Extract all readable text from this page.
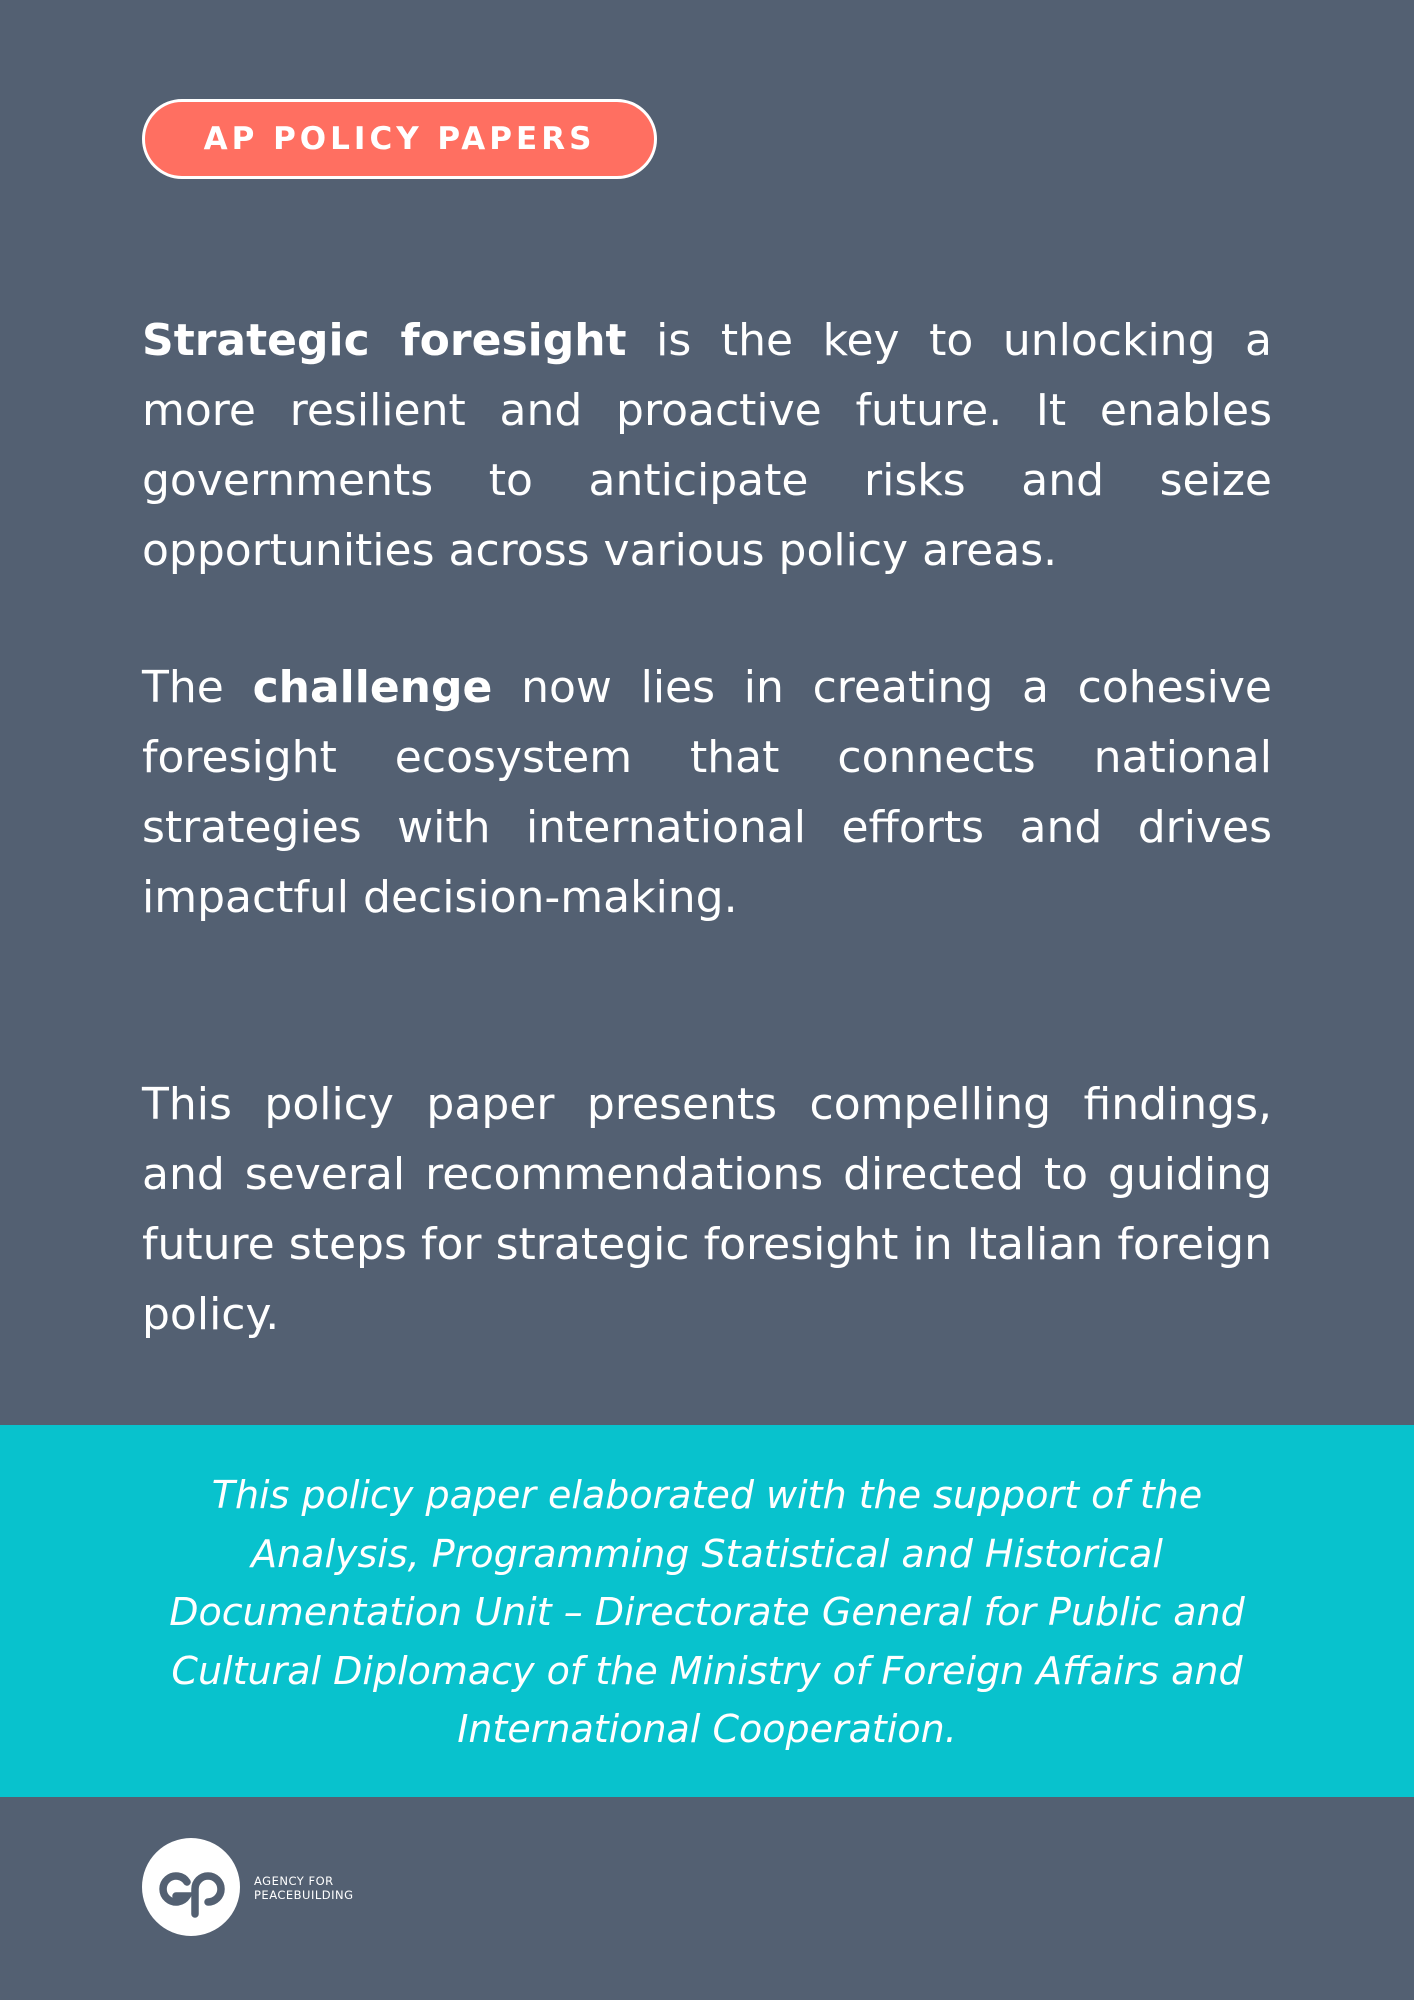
AP POLICY PAPERS

Strategic foresight is the key to unlocking a more resilient and proactive future. It enables governments to anticipate risks and seize opportunities across various policy areas.

The challenge now lies in creating a cohesive foresight ecosystem that connects national strategies with international efforts and drives impactful decision-making.

This policy paper presents compelling findings, and several recommendations directed to guiding future steps for strategic foresight in Italian foreign policy.

This policy paper elaborated with the support of the
Analysis, Programming Statistical and Historical
Documentation Unit – Directorate General for Public and
Cultural Diplomacy of the Ministry of Foreign Affairs and
International Cooperation.

AGENCY FOR
PEACEBUILDING
